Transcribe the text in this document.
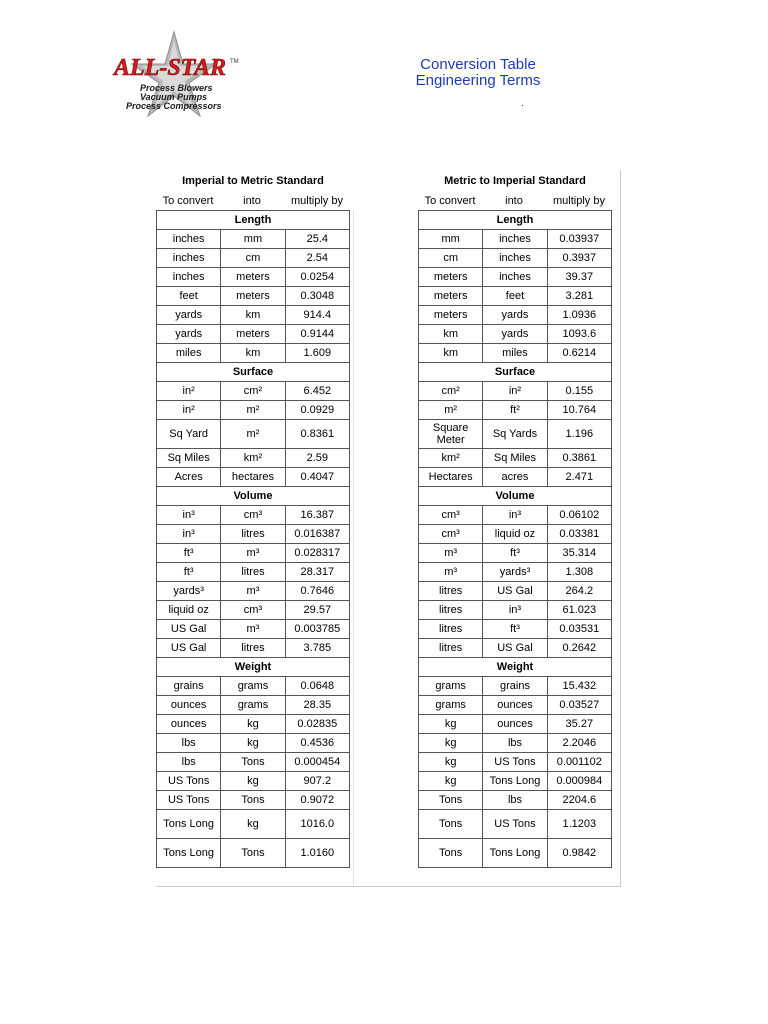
ALL-STAR TM
Process Blowers
Vacuum Pumps
Process Compressors
Conversion Table
Engineering Terms
.
Imperial to Metric Standard
To convert	into	multiply by
Length		
inches	mm	25.4
inches	cm	2.54
inches	meters	0.0254
feet	meters	0.3048
yards	km	914.4
yards	meters	0.9144
miles	km	1.609
Surface		
in²	cm²	6.452
in²	m²	0.0929
Sq Yard	m²	0.8361
Sq Miles	km²	2.59
Acres	hectares	0.4047
Volume		
in³	cm³	16.387
in³	litres	0.016387
ft³	m³	0.028317
ft³	litres	28.317
yards³	m³	0.7646
liquid oz	cm³	29.57
US Gal	m³	0.003785
US Gal	litres	3.785
Weight		
grains	grams	0.0648
ounces	grams	28.35
ounces	kg	0.02835
lbs	kg	0.4536
lbs	Tons	0.000454
US Tons	kg	907.2
US Tons	Tons	0.9072
Tons Long	kg	1016.0
Tons Long	Tons	1.0160
Metric to Imperial Standard
To convert	into	multiply by
Length		
mm	inches	0.03937
cm	inches	0.3937
meters	inches	39.37
meters	feet	3.281
meters	yards	1.0936
km	yards	1093.6
km	miles	0.6214
Surface		
cm²	in²	0.155
m²	ft²	10.764
Square Meter	Sq Yards	1.196
km²	Sq Miles	0.3861
Hectares	acres	2.471
Volume		
cm³	in³	0.06102
cm³	liquid oz	0.03381
m³	ft³	35.314
m³	yards³	1.308
litres	US Gal	264.2
litres	in³	61.023
litres	ft³	0.03531
litres	US Gal	0.2642
Weight		
grams	grains	15.432
grams	ounces	0.03527
kg	ounces	35.27
kg	lbs	2.2046
kg	US Tons	0.001102
kg	Tons Long	0.000984
Tons	lbs	2204.6
Tons	US Tons	1.1203
Tons	Tons Long	0.9842
